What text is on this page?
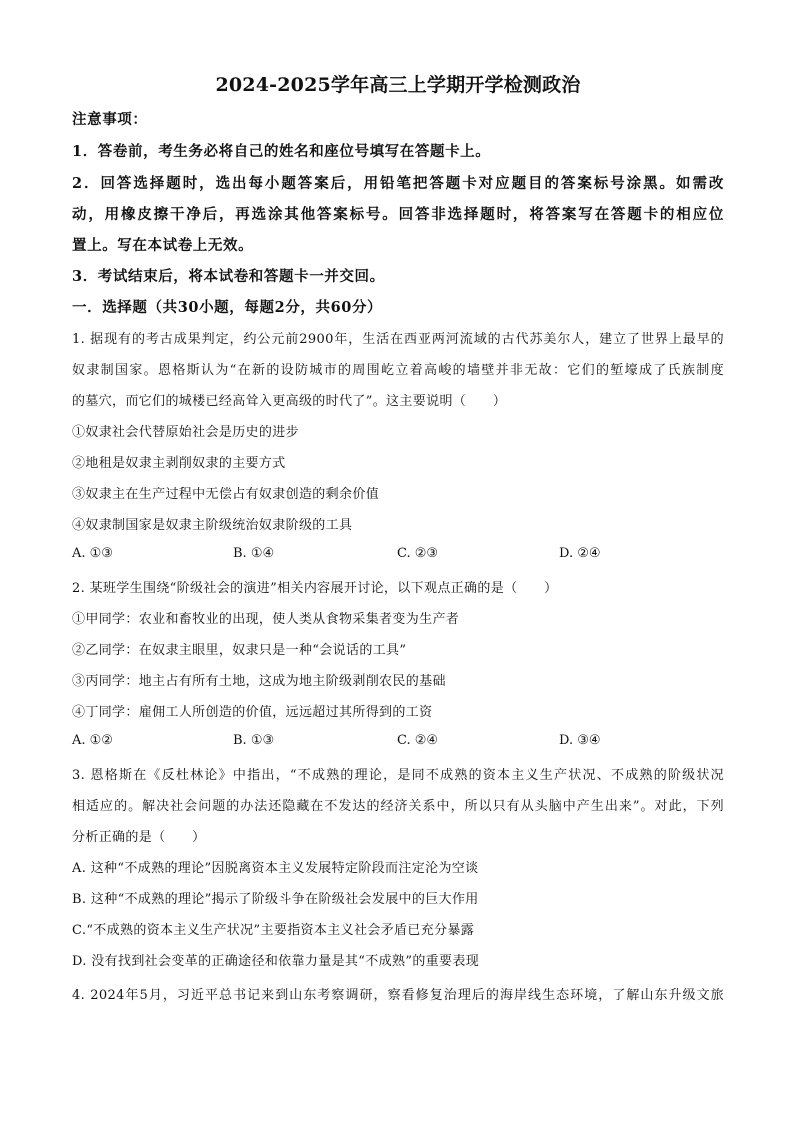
2024-2025学年高三上学期开学检测政治
注意事项：
1．答卷前，考生务必将自己的姓名和座位号填写在答题卡上。
2．回答选择题时，选出每小题答案后，用铅笔把答题卡对应题目的答案标号涂黑。如需改
动，用橡皮擦干净后，再选涂其他答案标号。回答非选择题时，将答案写在答题卡的相应位
置上。写在本试卷上无效。
3．考试结束后，将本试卷和答题卡一并交回。
一．选择题（共30小题，每题2分，共60分）
1. 据现有的考古成果判定，约公元前2900年，生活在西亚两河流域的古代苏美尔人，建立了世界上最早的
奴隶制国家。恩格斯认为“在新的设防城市的周围屹立着高峻的墙壁并非无故：它们的堑壕成了氏族制度
的墓穴，而它们的城楼已经高耸入更高级的时代了”。这主要说明（　　）
①奴隶社会代替原始社会是历史的进步
②地租是奴隶主剥削奴隶的主要方式
③奴隶主在生产过程中无偿占有奴隶创造的剩余价值
④奴隶制国家是奴隶主阶级统治奴隶阶级的工具
A. ①③	B. ①④	C. ②③	D. ②④
2. 某班学生围绕“阶级社会的演进”相关内容展开讨论，以下观点正确的是（　　）
①甲同学：农业和畜牧业的出现，使人类从食物采集者变为生产者
②乙同学：在奴隶主眼里，奴隶只是一种“会说话的工具”
③丙同学：地主占有所有土地，这成为地主阶级剥削农民的基础
④丁同学：雇佣工人所创造的价值，远远超过其所得到的工资
A. ①②	B. ①③	C. ②④	D. ③④
3. 恩格斯在《反杜林论》中指出，“不成熟的理论，是同不成熟的资本主义生产状况、不成熟的阶级状况
相适应的。解决社会问题的办法还隐藏在不发达的经济关系中，所以只有从头脑中产生出来”。对此，下列
分析正确的是（　　）
A. 这种“不成熟的理论”因脱离资本主义发展特定阶段而注定沦为空谈
B. 这种“不成熟的理论”揭示了阶级斗争在阶级社会发展中的巨大作用
C.“不成熟的资本主义生产状况”主要指资本主义社会矛盾已充分暴露
D. 没有找到社会变革的正确途径和依靠力量是其“不成熟”的重要表现
4. 2024年5月，习近平总书记来到山东考察调研，察看修复治理后的海岸线生态环境，了解山东升级文旅
